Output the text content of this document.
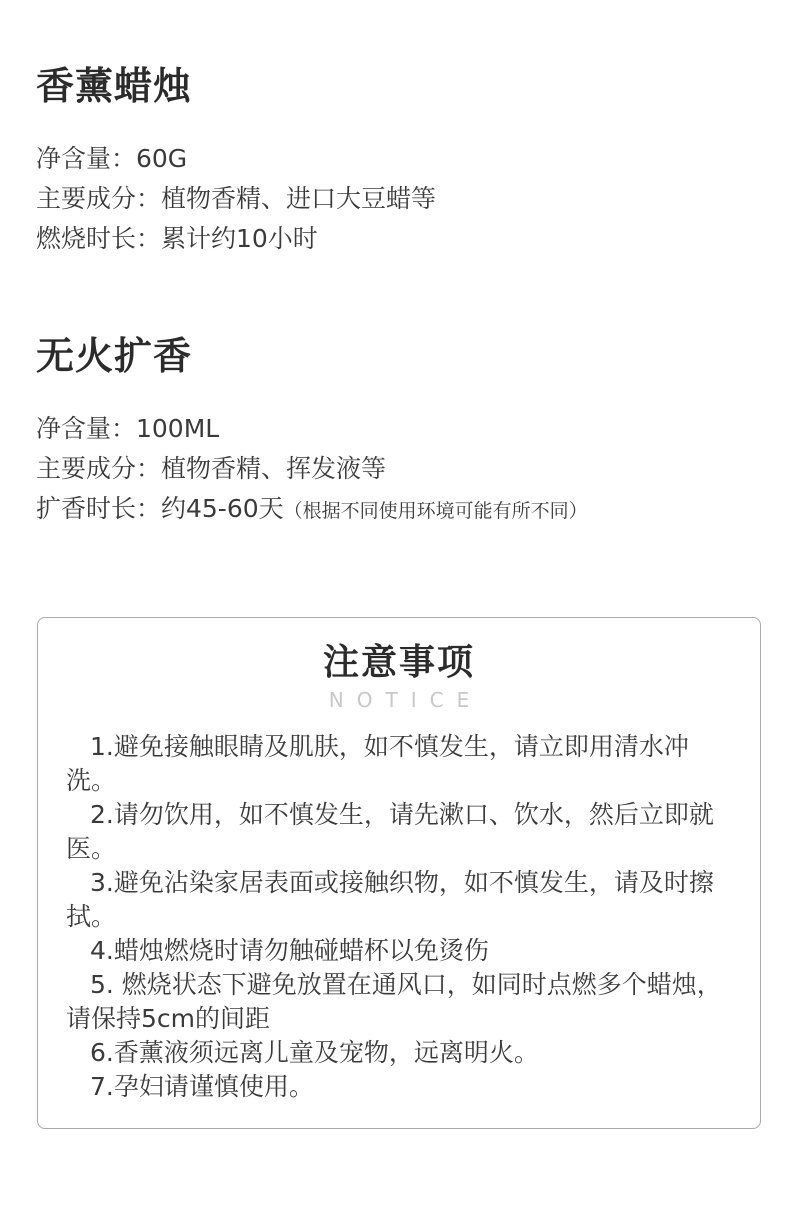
香薰蜡烛
净含量：60G
主要成分：植物香精、进口大豆蜡等
燃烧时长：累计约10小时
无火扩香
净含量：100ML
主要成分：植物香精、挥发液等
扩香时长：约45-60天（根据不同使用环境可能有所不同）
注意事项
NOTICE
1.避免接触眼睛及肌肤，如不慎发生，请立即用清水冲洗。
2.请勿饮用，如不慎发生，请先漱口、饮水，然后立即就医。
3.避免沾染家居表面或接触织物，如不慎发生，请及时擦拭。
4.蜡烛燃烧时请勿触碰蜡杯以免烫伤
5. 燃烧状态下避免放置在通风口，如同时点燃多个蜡烛，请保持5cm的间距
6.香薰液须远离儿童及宠物，远离明火。
7.孕妇请谨慎使用。
